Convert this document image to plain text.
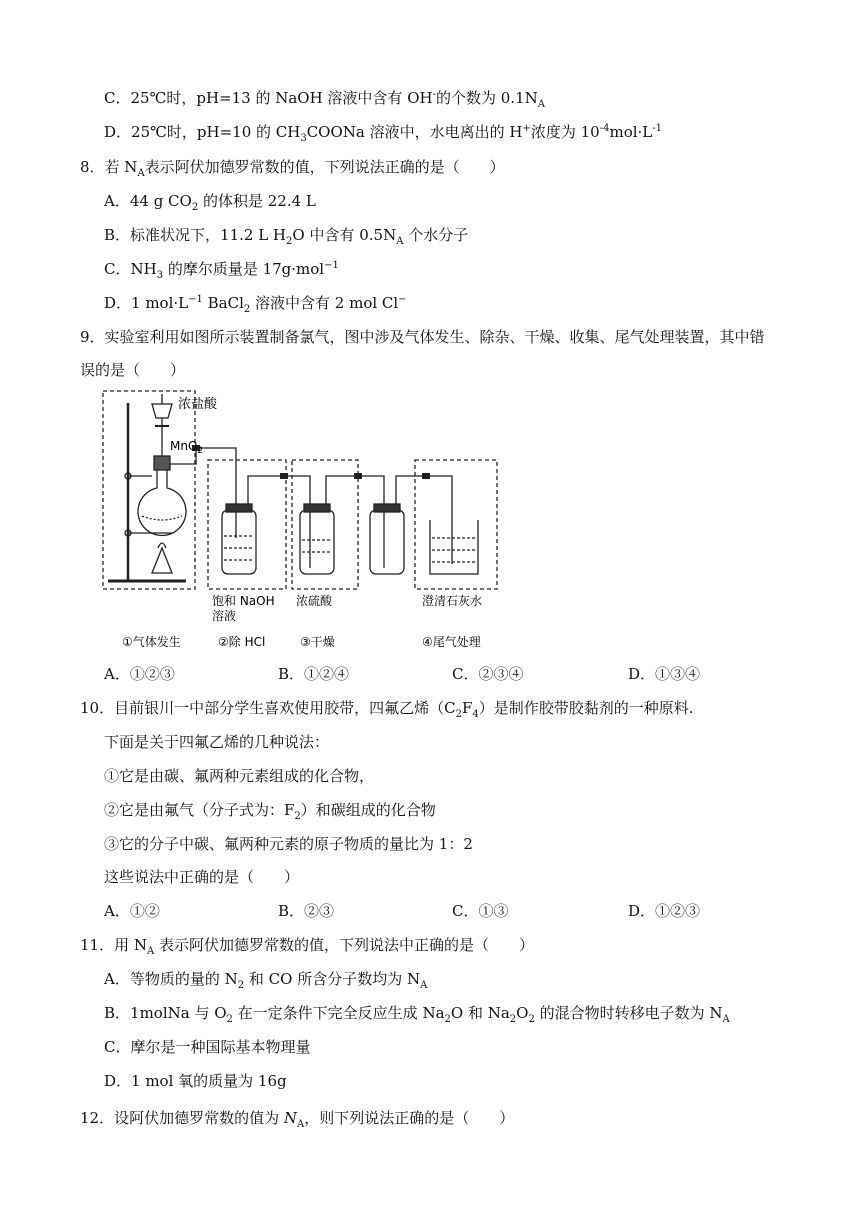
C．25℃时，pH=13 的 NaOH 溶液中含有 OH-的个数为 $0.1N_A$
D．25℃时，pH=10 的 $CH_3COONa$ 溶液中，水电离出的 H+浓度为 $10^{-4}mol\cdot L^{-1}$
8．若 $N_A$表示阿伏加德罗常数的值，下列说法正确的是（　　）
A．44 g $CO_2$ 的体积是 22.4 L
B．标准状况下，11.2 L $H_2O$ 中含有 $0.5N_A$ 个水分子
C．$NH_3$ 的摩尔质量是 17g·mol$^{-1}$
D．1 $mol\cdot L^{-1}$ BaCl$_2$ 溶液中含有 2 mol Cl−
9．实验室利用如图所示装置制备氯气，图中涉及气体发生、除杂、干燥、收集、尾气处理装置，其中错
误的是（　　）
浓盐酸
MnO$_2$
饱和 NaOH
溶液
浓硫酸	澄清石灰水
①气体发生	②除 HCl	③干燥	④尾气处理
A．①②③	B．①②④	C．②③④	D．①③④
10．目前银川一中部分学生喜欢使用胶带，四氟乙烯$(C_2F_4)$是制作胶带胶黏剂的一种原料.
下面是关于四氟乙烯的几种说法：
①它是由碳、氟两种元素组成的化合物，
②它是由氟气（分子式为：$F_2$）和碳组成的化合物
③它的分子中碳、氟两种元素的原子物质的量比为 1：2
这些说法中正确的是（　　）
A．①②	B．②③	C．①③	D．①②③
11．用 $N_A$ 表示阿伏加德罗常数的值，下列说法中正确的是（　　）
A．等物质的量的 $N_2$ 和 CO 所含分子数均为 $N_A$
B．1molNa 与 $O_2$ 在一定条件下完全反应生成 $Na_2O$ 和 $Na_2O_2$ 的混合物时转移电子数为 $N_A$
C．摩尔是一种国际基本物理量
D．1 mol 氧的质量为 16g
12．设阿伏加德罗常数的值为 $N_A$，则下列说法正确的是（　　）
